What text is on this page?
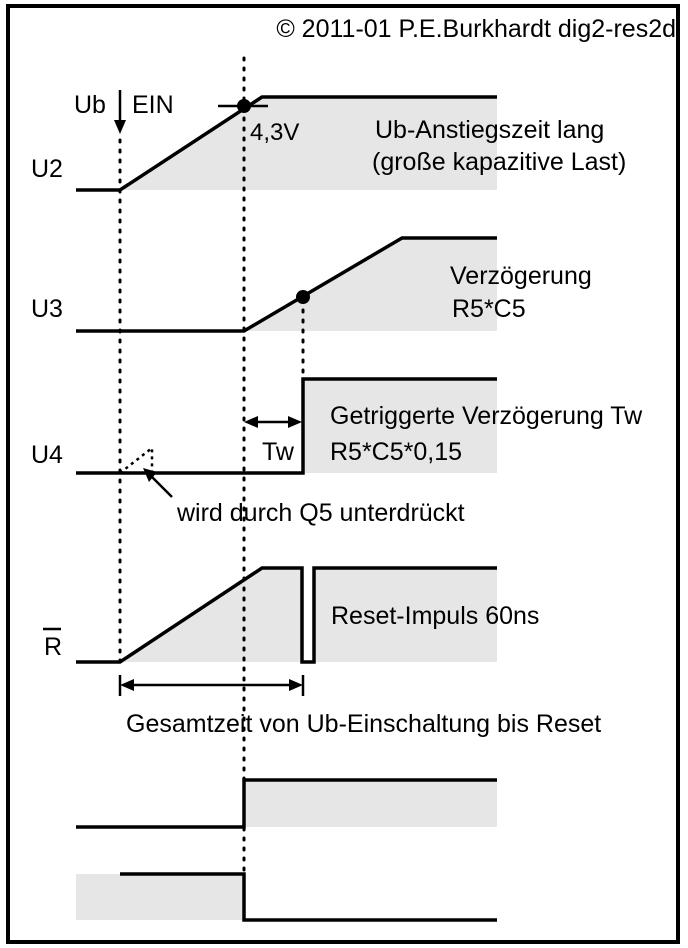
© 2011-01 P.E.Burkhardt dig2-res2d
U2
Ub EIN
4,3V	Ub-Anstiegszeit lang
(große kapazitive Last)
U3
Verzögerung
R5*C5
U4	Tw
Getriggerte Verzögerung Tw
R5*C5*0,15
wird durch Q5 unterdrückt
R
Reset-Impuls 60ns
Gesamtzeit von Ub-Einschaltung bis Reset
